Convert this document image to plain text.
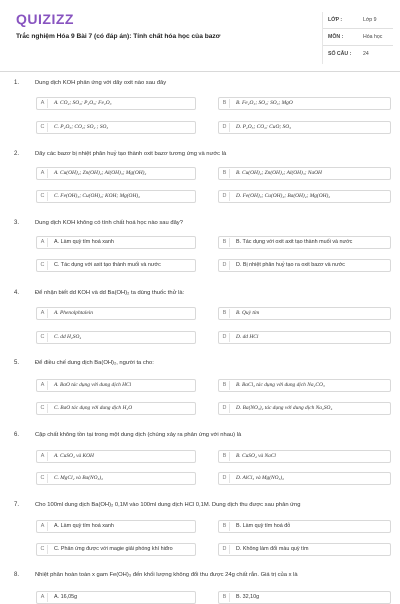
QUIZIZZ
Trắc nghiệm Hóa 9 Bài 7 (có đáp án): Tính chất hóa học của bazơ
LỚP :	Lớp 9
MÔN :	Hóa học
SỐ CÂU : 24
1.	Dung dịch KOH phản ứng với dãy oxit nào sau đây
A	A. CO₂; SO₂; P₂O₅; Fe₂O₃	B	B. Fe₂O₃; SO₂; SO₃; MgO
C	C. P₂O₅; CO₂; SO₂ ; SO₃	D	D. P₂O₅; CO₂; CuO; SO₃
2.	Dãy các bazơ bị nhiệt phân huỷ tạo thành oxit bazơ tương ứng và nước là
A	A. Cu(OH)₂; Zn(OH)₂; Al(OH)₃; Mg(OH)₂	B	B. Cu(OH)₂; Zn(OH)₂; Al(OH)₃; NaOH
C	C. Fe(OH)₃; Cu(OH)₂; KOH; Mg(OH)₂	D	D. Fe(OH)₃; Cu(OH)₂; Ba(OH)₂; Mg(OH)₂
3.	Dung dịch KOH không có tính chất hoá học nào sau đây?
A	A. Làm quỳ tím hoá xanh	B	B. Tác dụng với oxit axit tạo thành muối và nước
C	C. Tác dụng với axit tạo thành muối và nước	D	D. Bị nhiệt phân huỷ tạo ra oxit bazơ và nước
4.	Để nhận biết dd KOH và dd Ba(OH)₂ ta dùng thuốc thử là:
A	A. Phenolphtalein	B	B. Quỳ tím
C	C. dd H₂SO₄	D	D. dd HCl
5.	Để điều chế dung dịch Ba(OH)₂, người ta cho:
A	A. BaO tác dụng với dung dịch HCl	B	B. BaCl₂ tác dụng với dung dịch Na₂CO₃
C	C. BaO tác dụng với dung dịch H₂O	D	D. Ba(NO₃)₂ tác dụng với dung dịch Na₂SO₄
6.	Cặp chất không tồn tại trong một dung dịch (chúng xảy ra phản ứng với nhau) là
A	A. CuSO₄ và KOH	B	B. CuSO₄ và NaCl
C	C. MgCl₂ và Ba(NO₃)₂	D	D. AlCl₃ và Mg(NO₃)₂
7.	Cho 100ml dung dịch Ba(OH)₂ 0,1M vào 100ml dung dịch HCl 0,1M. Dung dịch thu được sau phản ứng
A	A. Làm quỳ tím hoá xanh	B	B. Làm quỳ tím hoá đỏ
C	C. Phản ứng được với magie giải phóng khí hiđro	D	D. Không làm đổi màu quỳ tím
8.	Nhiệt phân hoàn toàn x gam Fe(OH)₃ đến khối lượng không đổi thu được 24g chất rắn. Giá trị của x là
A	A. 16,05g	B	B. 32,10g
